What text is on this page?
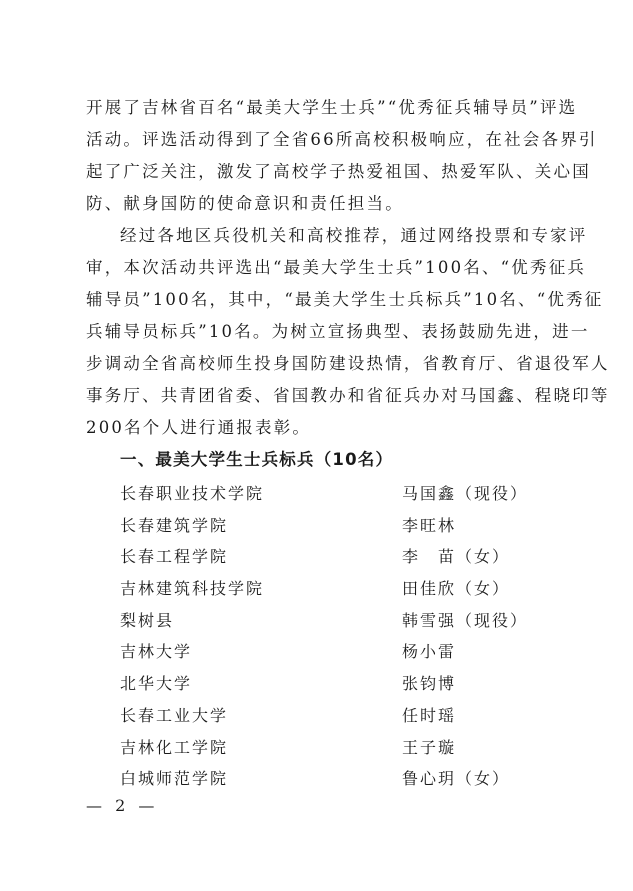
开展了吉林省百名“最美大学生士兵”“优秀征兵辅导员”评选
活动。评选活动得到了全省66所高校积极响应，在社会各界引
起了广泛关注，激发了高校学子热爱祖国、热爱军队、关心国
防、献身国防的使命意识和责任担当。
经过各地区兵役机关和高校推荐，通过网络投票和专家评
审，本次活动共评选出“最美大学生士兵”100名、“优秀征兵
辅导员”100名，其中，“最美大学生士兵标兵”10名、“优秀征
兵辅导员标兵”10名。为树立宣扬典型、表扬鼓励先进，进一
步调动全省高校师生投身国防建设热情，省教育厅、省退役军人
事务厅、共青团省委、省国教办和省征兵办对马国鑫、程晓印等
200名个人进行通报表彰。
一、最美大学生士兵标兵（10名）
长春职业技术学院	马国鑫（现役）
长春建筑学院	李旺林
长春工程学院	李　苗（女）
吉林建筑科技学院	田佳欣（女）
梨树县	韩雪强（现役）
吉林大学	杨小雷
北华大学	张钧博
长春工业大学	任时瑶
吉林化工学院	王子璇
白城师范学院	鲁心玥（女）
— 2 —
